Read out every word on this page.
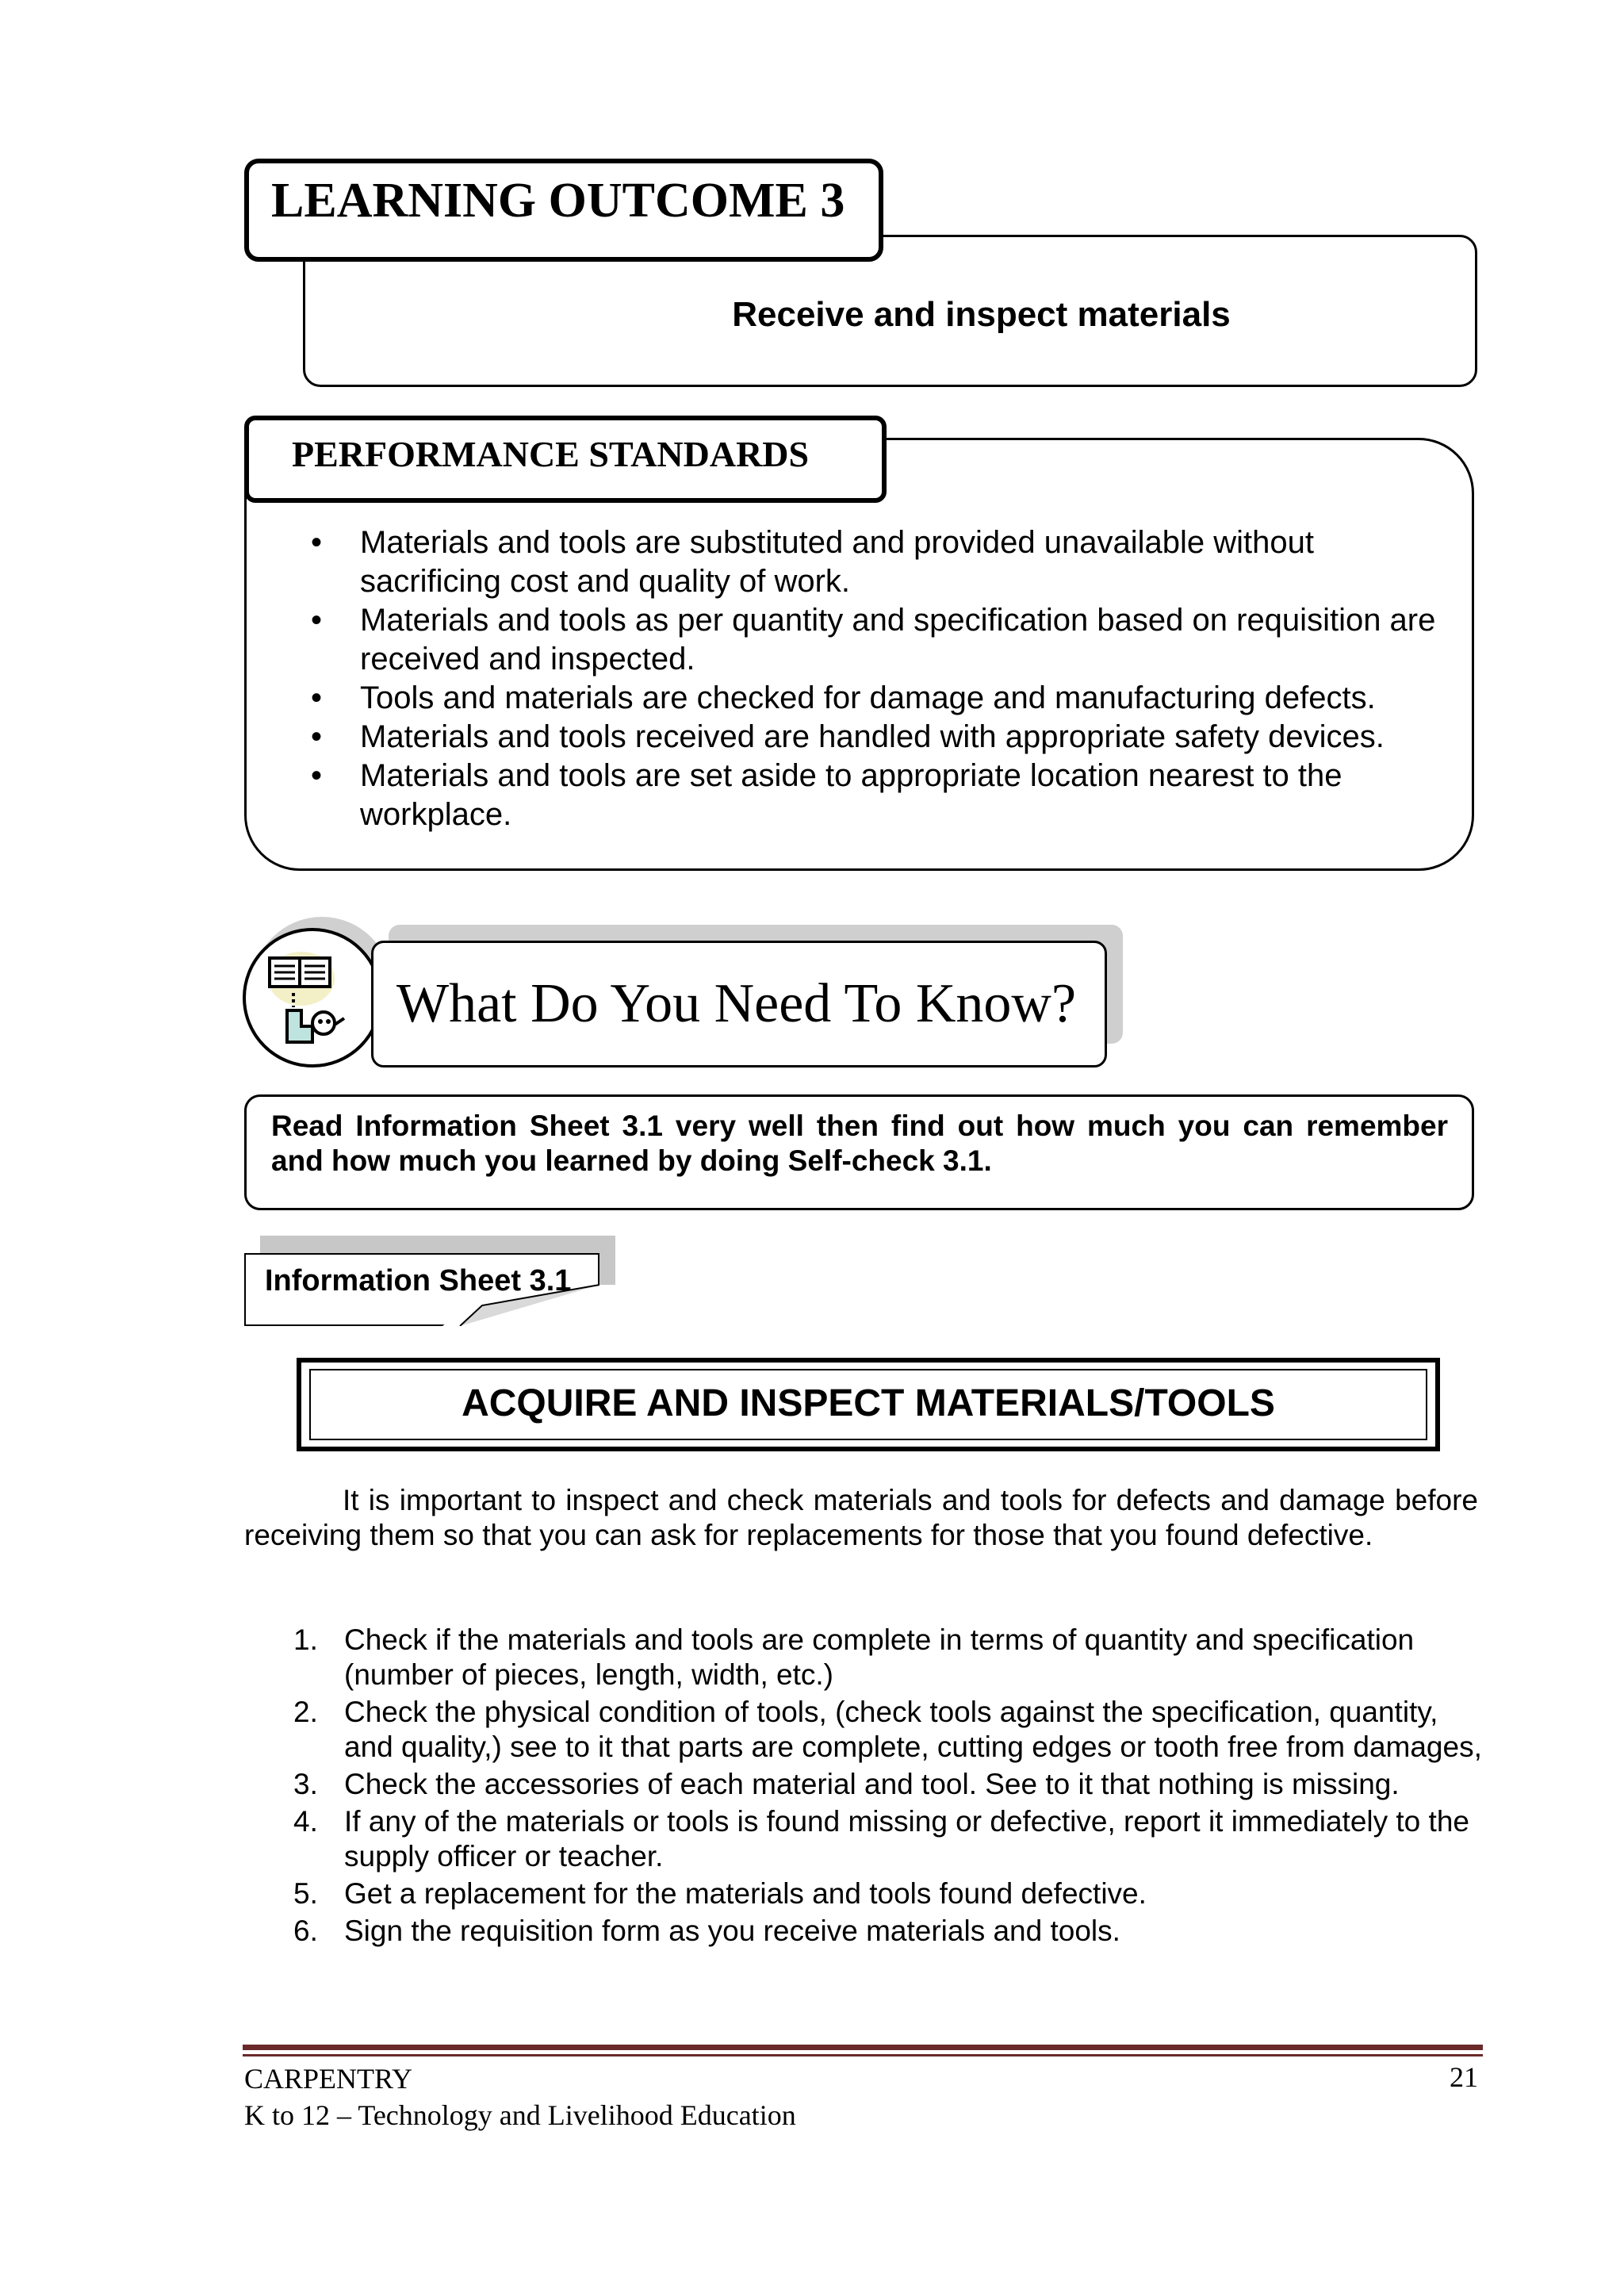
Receive and inspect materials
LEARNING OUTCOME 3
PERFORMANCE STANDARDS
• Materials and tools are substituted and provided unavailable without sacrificing cost and quality of work.
• Materials and tools as per quantity and specification based on requisition are received and inspected.
• Tools and materials are checked for damage and manufacturing defects.
• Materials and tools received are handled with appropriate safety devices.
• Materials and tools are set aside to appropriate location nearest to the workplace.
What Do You Need To Know?
Read Information Sheet 3.1 very well then find out how much you can remember and how much you learned by doing Self-check 3.1.
Information Sheet 3.1
ACQUIRE AND INSPECT MATERIALS/TOOLS
It is important to inspect and check materials and tools for defects and damage before receiving them so that you can ask for replacements for those that you found defective.
1. Check if the materials and tools are complete in terms of quantity and specification (number of pieces, length, width, etc.)
2. Check the physical condition of tools, (check tools against the specification, quantity, and quality,) see to it that parts are complete, cutting edges or tooth free from damages,
3. Check the accessories of each material and tool. See to it that nothing is missing.
4. If any of the materials or tools is found missing or defective, report it immediately to the supply officer or teacher.
5. Get a replacement for the materials and tools found defective.
6. Sign the requisition form as you receive materials and tools.
CARPENTRY
K to 12 – Technology and Livelihood Education
21
